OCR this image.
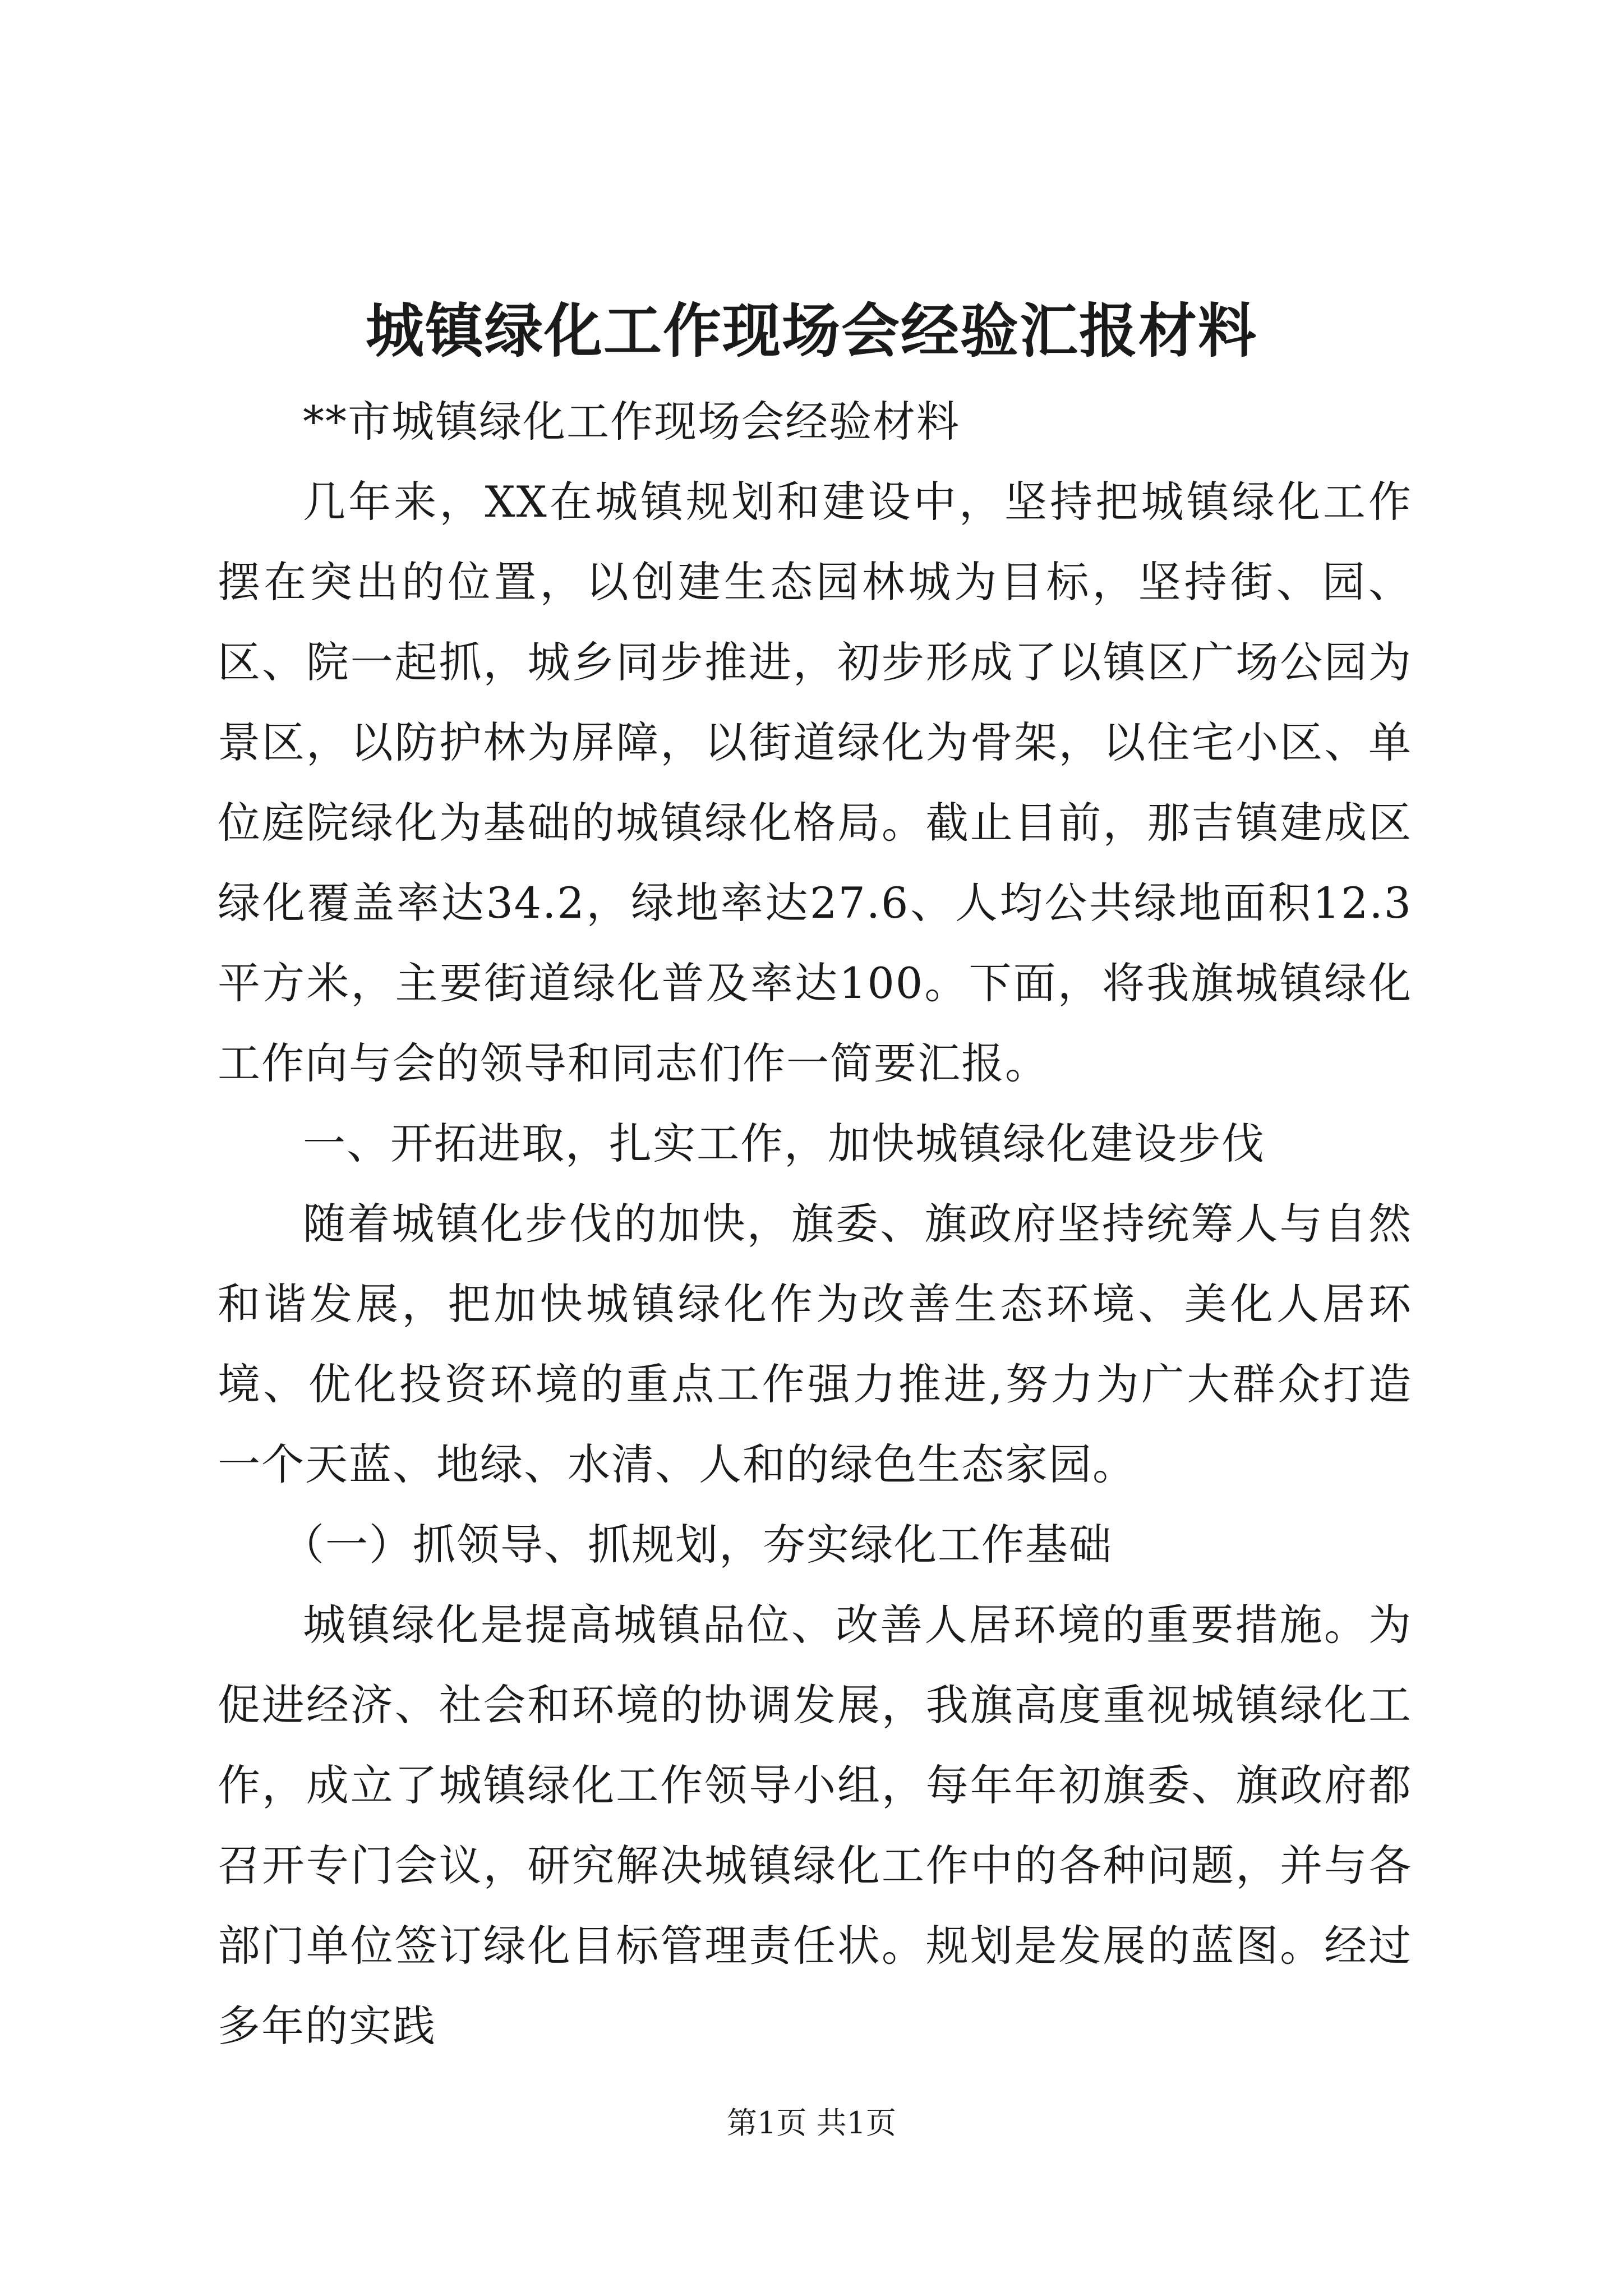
城镇绿化工作现场会经验汇报材料

**市城镇绿化工作现场会经验材料

几年来，XX在城镇规划和建设中，坚持把城镇绿化工作摆在突出的位置，以创建生态园林城为目标，坚持街、园、区、院一起抓，城乡同步推进，初步形成了以镇区广场公园为景区，以防护林为屏障，以街道绿化为骨架，以住宅小区、单位庭院绿化为基础的城镇绿化格局。截止目前，那吉镇建成区绿化覆盖率达34.2，绿地率达27.6、人均公共绿地面积12.3平方米，主要街道绿化普及率达100。下面，将我旗城镇绿化工作向与会的领导和同志们作一简要汇报。

一、开拓进取，扎实工作，加快城镇绿化建设步伐

随着城镇化步伐的加快，旗委、旗政府坚持统筹人与自然和谐发展，把加快城镇绿化作为改善生态环境、美化人居环境、优化投资环境的重点工作强力推进,努力为广大群众打造一个天蓝、地绿、水清、人和的绿色生态家园。

（一）抓领导、抓规划，夯实绿化工作基础

城镇绿化是提高城镇品位、改善人居环境的重要措施。为促进经济、社会和环境的协调发展，我旗高度重视城镇绿化工作，成立了城镇绿化工作领导小组，每年年初旗委、旗政府都召开专门会议，研究解决城镇绿化工作中的各种问题，并与各部门单位签订绿化目标管理责任状。规划是发展的蓝图。经过多年的实践

第1页 共1页
